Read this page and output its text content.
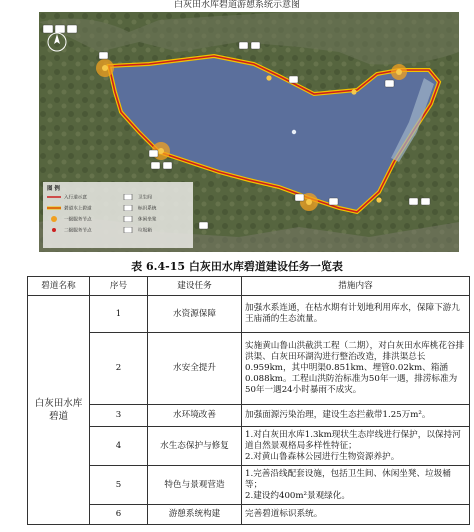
白灰田水库碧道游憩系统示意图
图 例
入行道示意	卫生间
碧道水上碧道	标识系统
一级服务节点	休闲坐凳
二级服务节点	垃圾箱
表 6.4-15 白灰田水库碧道建设任务一览表
碧道名称	序号	建设任务	措施内容
白灰田水库碧道	1	水资源保障	加强水系连通，在枯水期有计划地利用库水，保障下游九王庙涌的生态流量。
	2	水安全提升	实施黄山鲁山洪截洪工程（二期），对白灰田水库桃花谷排洪渠、白灰田环湖沟进行整治改造，排洪渠总长0.959km，其中明渠0.851km、埋管0.02km、箱涵0.088km。工程山洪防治标准为50年一遇，排涝标准为50年一遇24小时暴雨不成灾。
	3	水环境改善	加强面源污染治理，建设生态拦截带1.25万m²。
	4	水生态保护与修复	1.对白灰田水库1.3km现状生态岸线进行保护，以保持河道自然景观格局多样性特征；
2.对黄山鲁森林公园进行生物资源养护。
	5	特色与景观营造	1.完善沿线配套设施，包括卫生间、休闲坐凳、垃圾桶等；
2.建设约400m²景观绿化。
	6	游憩系统构建	完善碧道标识系统。
